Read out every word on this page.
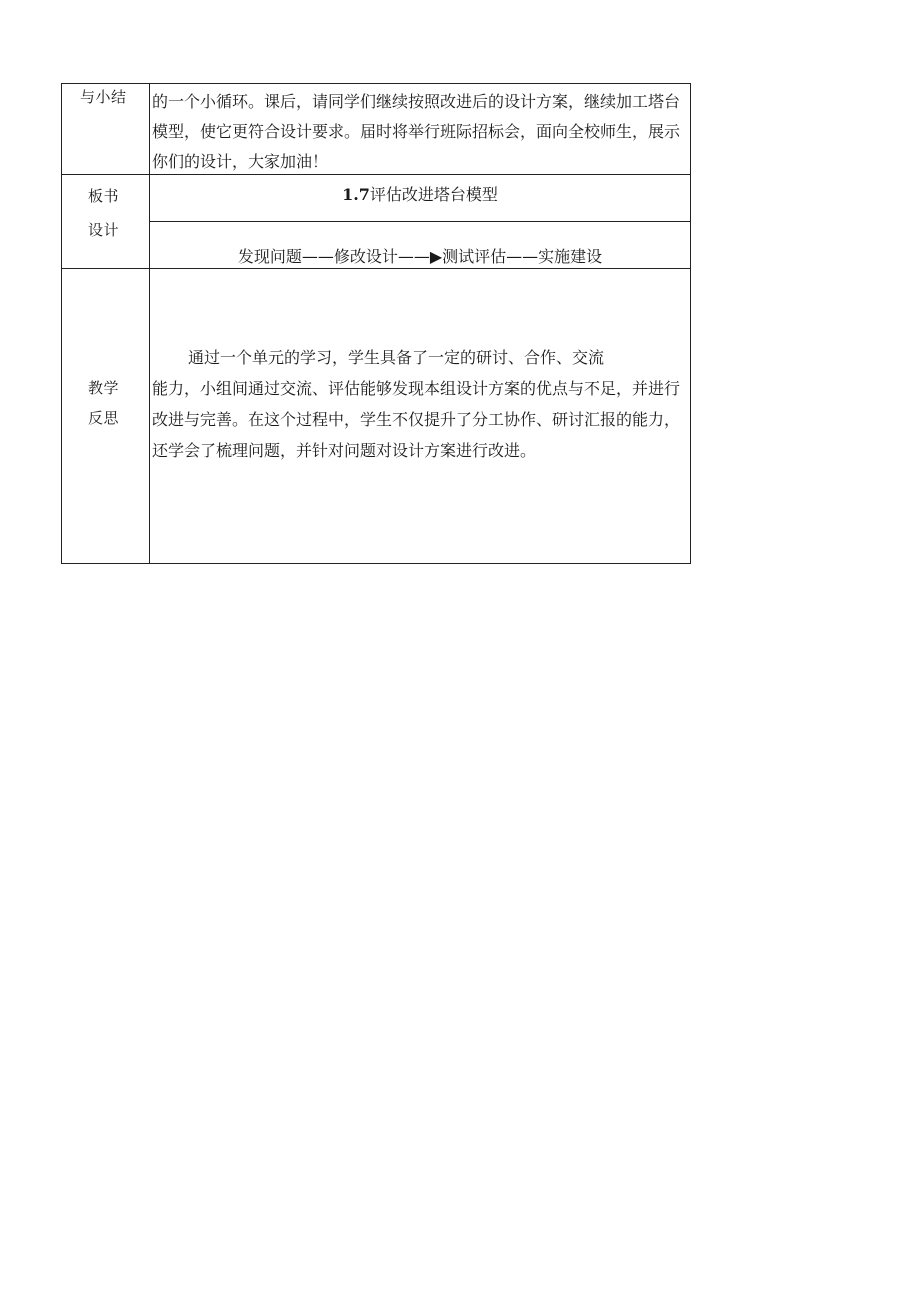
与小结	的一个小循环。课后，请同学们继续按照改进后的设计方案，继续加工塔台模型，使它更符合设计要求。届时将举行班际招标会，面向全校师生，展示你们的设计，大家加油！

板书
设计	1.7评估改进塔台模型

	发现问题——修改设计——▶测试评估——实施建设

教学反思	通过一个单元的学习，学生具备了一定的研讨、合作、交流
能力，小组间通过交流、评估能够发现本组设计方案的优点与不足，并进行改进与完善。在这个过程中，学生不仅提升了分工协作、研讨汇报的能力，还学会了梳理问题，并针对问题对设计方案进行改进。
